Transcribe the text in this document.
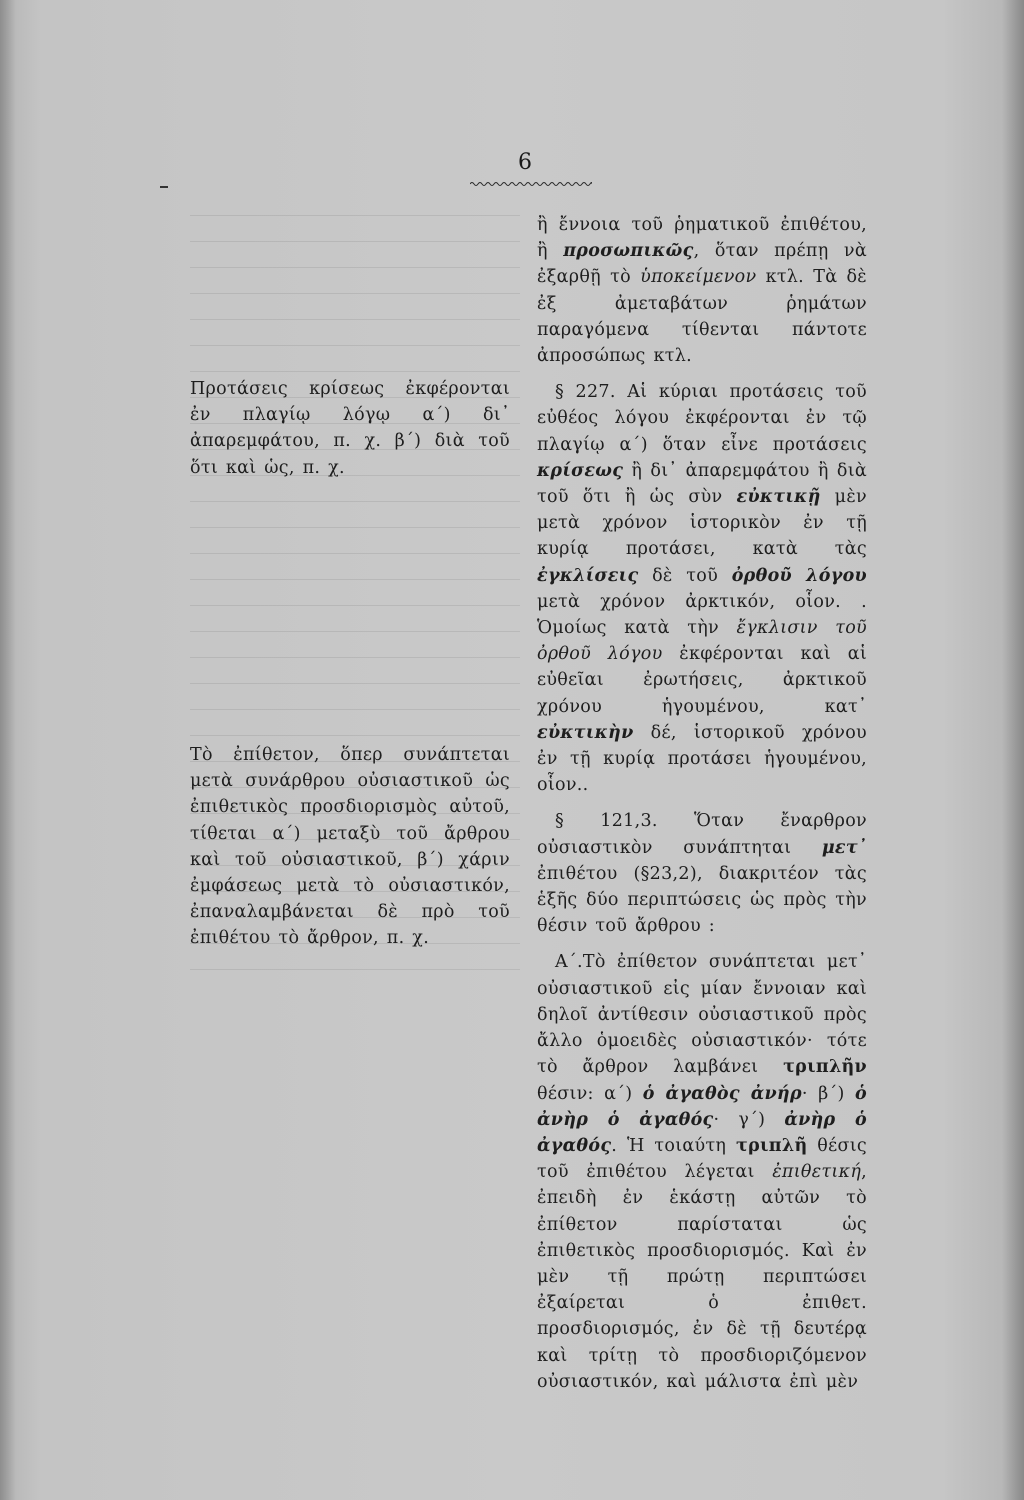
6
Προτάσεις κρίσεως ἐκφέρονται ἐν πλαγίῳ λόγῳ α΄) δι᾽ ἀπαρεμφάτου, π. χ. β΄) διὰ τοῦ ὅτι καὶ ὡς, π. χ.
Τὸ ἐπίθετον, ὅπερ συνάπτεται μετὰ συνάρθρου οὐσιαστικοῦ ὡς ἐπιθετικὸς προσδιορισμὸς αὐτοῦ, τίθεται α΄) μεταξὺ τοῦ ἄρθρου καὶ τοῦ οὐσιαστικοῦ, β΄) χάριν ἐμφάσεως μετὰ τὸ οὐσιαστικόν, ἐπαναλαμβάνεται δὲ πρὸ τοῦ ἐπιθέτου τὸ ἄρθρον, π. χ.

ἢ ἔννοια τοῦ ῥηματικοῦ ἐπιθέτου, ἢ προσωπικῶς, ὅταν πρέπῃ νὰ ἐξαρθῇ τὸ ὑποκείμενον κτλ. Τὰ δὲ ἐξ ἀμεταβάτων ῥημάτων παραγόμενα τίθενται πάντοτε ἀπροσώπως κτλ.

§ 227. Αἱ κύριαι προτάσεις τοῦ εὐθέος λόγου ἐκφέρονται ἐν τῷ πλαγίῳ α΄) ὅταν εἶνε προτάσεις κρίσεως ἢ δι᾽ ἀπαρεμφάτου ἢ διὰ τοῦ ὅτι ἢ ὡς σὺν εὐκτικῇ μὲν μετὰ χρόνον ἱστορικὸν ἐν τῇ κυρίᾳ προτάσει, κατὰ τὰς ἐγκλίσεις δὲ τοῦ ὀρθοῦ λόγου μετὰ χρόνον ἀρκτικόν, οἷον. . Ὁμοίως κατὰ τὴν ἔγκλισιν τοῦ ὀρθοῦ λόγου ἐκφέρονται καὶ αἱ εὐθεῖαι ἐρωτήσεις, ἀρκτικοῦ χρόνου ἡγουμένου, κατ᾽ εὐκτικὴν δέ, ἱστορικοῦ χρόνου ἐν τῇ κυρίᾳ προτάσει ἡγουμένου, οἷον..

§ 121,3. Ὅταν ἔναρθρον οὐσιαστικὸν συνάπτηται μετ᾽ ἐπιθέτου (§23,2), διακριτέον τὰς ἑξῆς δύο περιπτώσεις ὡς πρὸς τὴν θέσιν τοῦ ἄρθρου :

Α΄.Τὸ ἐπίθετον συνάπτεται μετ᾽ οὐσιαστικοῦ εἰς μίαν ἔννοιαν καὶ δηλοῖ ἀντίθεσιν οὐσιαστικοῦ πρὸς ἄλλο ὁμοειδὲς οὐσιαστικόν· τότε τὸ ἄρθρον λαμβάνει τριπλῆν θέσιν: α΄) ὁ ἀγαθὸς ἀνήρ· β΄) ὁ ἀνὴρ ὁ ἀγαθός· γ΄) ἀνὴρ ὁ ἀγαθός. Ἡ τοιαύτη τριπλῆ θέσις τοῦ ἐπιθέτου λέγεται ἐπιθετική, ἐπειδὴ ἐν ἑκάστῃ αὐτῶν τὸ ἐπίθετον παρίσταται ὡς ἐπιθετικὸς προσδιορισμός. Καὶ ἐν μὲν τῇ πρώτῃ περιπτώσει ἐξαίρεται ὁ ἐπιθετ. προσδιορισμός, ἐν δὲ τῇ δευτέρᾳ καὶ τρίτῃ τὸ προσδιοριζόμενον οὐσιαστικόν, καὶ μάλιστα ἐπὶ μὲν
